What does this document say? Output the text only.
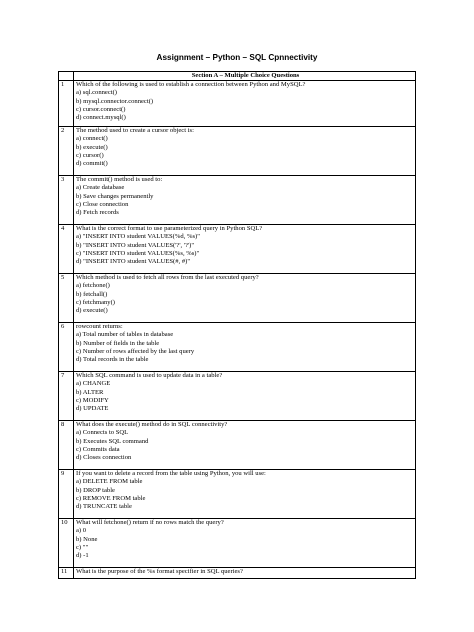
Assignment – Python – SQL Cpnnectivity
	Section A – Multiple Choice Questions
1	Which of the following is used to establish a connection between Python and MySQL?
a) sql.connect()
b) mysql.connector.connect()
c) cursor.connect()
d) connect.mysql()

2	The method used to create a cursor object is:
a) connect()
b) execute()
c) cursor()
d) commit()

3	The commit() method is used to:
a) Create database
b) Save changes permanently
c) Close connection
d) Fetch records

4	What is the correct format to use parameterized query in Python SQL?
a) "INSERT INTO student VALUES(%d, %s)"
b) "INSERT INTO student VALUES('?', '?')"
c) "INSERT INTO student VALUES(%s, %s)"
d) "INSERT INTO student VALUES(#, #)"

5	Which method is used to fetch all rows from the last executed query?
a) fetchone()
b) fetchall()
c) fetchmany()
d) execute()

6	rowcount returns:
a) Total number of tables in database
b) Number of fields in the table
c) Number of rows affected by the last query
d) Total records in the table

7	Which SQL command is used to update data in a table?
a) CHANGE
b) ALTER
c) MODIFY
d) UPDATE

8	What does the execute() method do in SQL connectivity?
a) Connects to SQL
b) Executes SQL command
c) Commits data
d) Closes connection

9	If you want to delete a record from the table using Python, you will use:
a) DELETE FROM table
b) DROP table
c) REMOVE FROM table
d) TRUNCATE table

10	What will fetchone() return if no rows match the query?
a) 0
b) None
c) ""
d) -1

11	What is the purpose of the %s format specifier in SQL queries?
